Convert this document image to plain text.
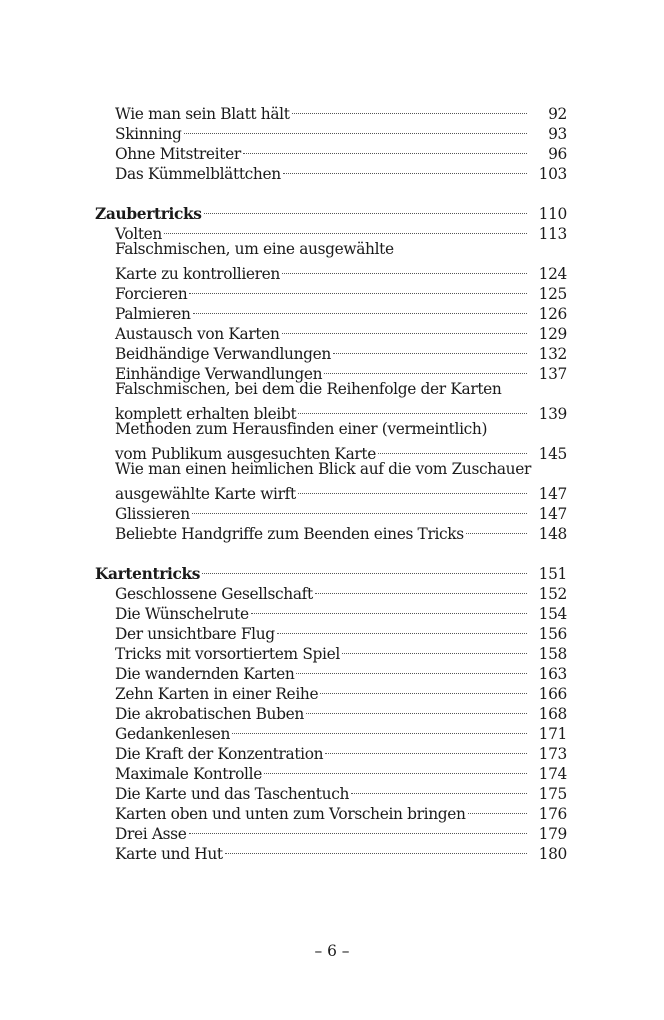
Wie man sein Blatt hält	92
Skinning	93
Ohne Mitstreiter	96
Das Kümmelblättchen	103
Zaubertricks	110
Volten	113
Falschmischen, um eine ausgewählte
Karte zu kontrollieren	124
Forcieren	125
Palmieren	126
Austausch von Karten	129
Beidhändige Verwandlungen	132
Einhändige Verwandlungen	137
Falschmischen, bei dem die Reihenfolge der Karten
komplett erhalten bleibt	139
Methoden zum Herausfinden einer (vermeintlich)
vom Publikum ausgesuchten Karte	145
Wie man einen heimlichen Blick auf die vom Zuschauer
ausgewählte Karte wirft	147
Glissieren	147
Beliebte Handgriffe zum Beenden eines Tricks	148
Kartentricks	151
Geschlossene Gesellschaft	152
Die Wünschelrute	154
Der unsichtbare Flug	156
Tricks mit vorsortiertem Spiel	158
Die wandernden Karten	163
Zehn Karten in einer Reihe	166
Die akrobatischen Buben	168
Gedankenlesen	171
Die Kraft der Konzentration	173
Maximale Kontrolle	174
Die Karte und das Taschentuch	175
Karten oben und unten zum Vorschein bringen	176
Drei Asse	179
Karte und Hut	180
– 6 –
